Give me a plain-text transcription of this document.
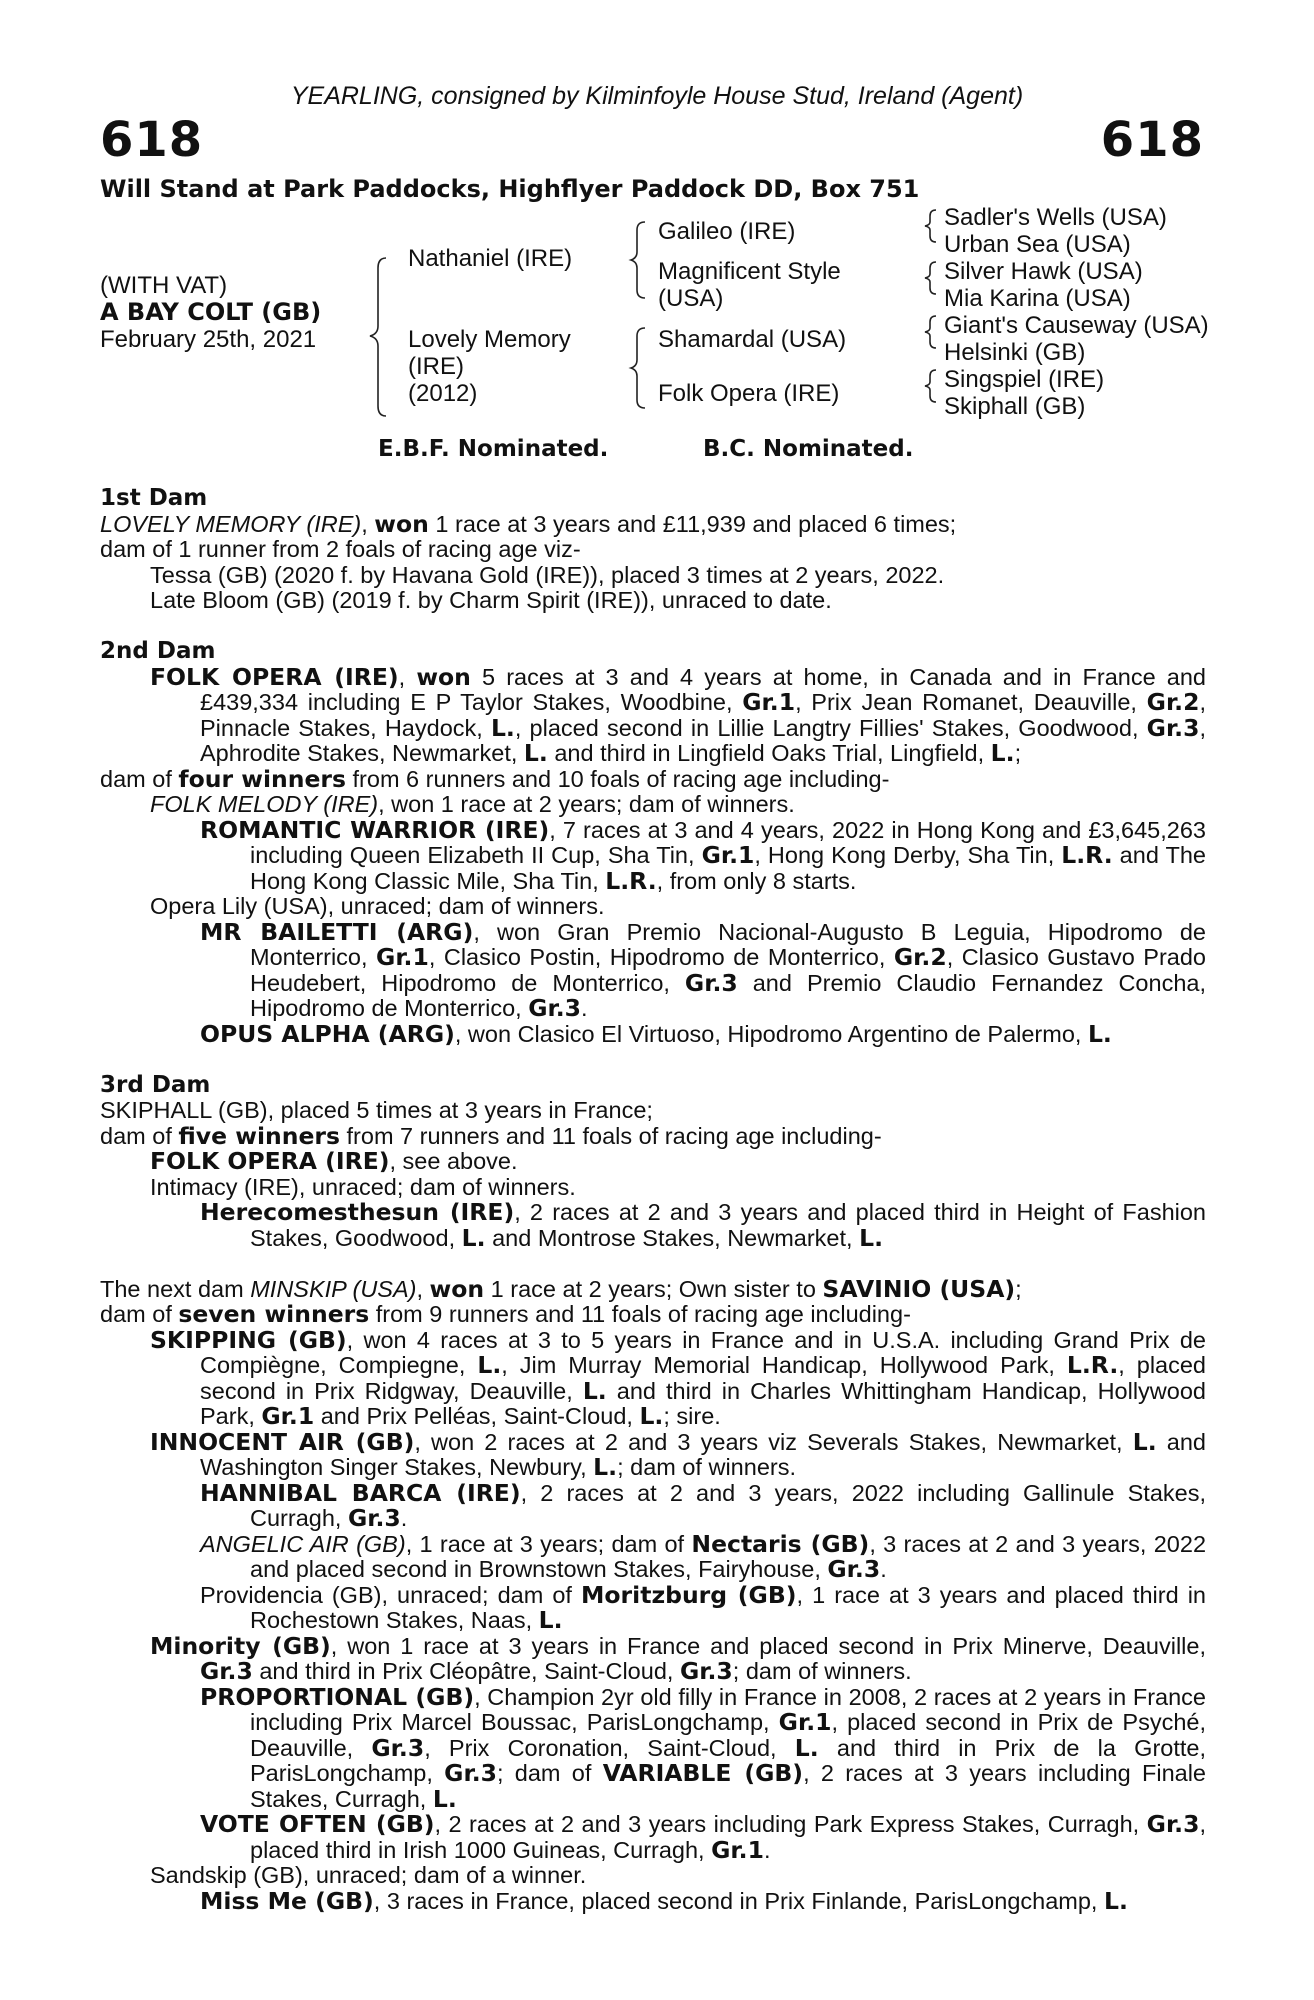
YEARLING, consigned by Kilminfoyle House Stud, Ireland (Agent)
618	618
Will Stand at Park Paddocks, Highflyer Paddock DD, Box 751
(WITH VAT)
A BAY COLT (GB)
February 25th, 2021
Nathaniel (IRE)
Lovely Memory
(IRE)
(2012)
Galileo (IRE)
Magnificent Style
(USA)
Shamardal (USA)
Folk Opera (IRE)
Sadler's Wells (USA)
Urban Sea (USA)
Silver Hawk (USA)
Mia Karina (USA)
Giant's Causeway (USA)
Helsinki (GB)
Singspiel (IRE)
Skiphall (GB)
E.B.F. Nominated.	B.C. Nominated.

1st Dam

LOVELY MEMORY (IRE), won 1 race at 3 years and £11,939 and placed 6 times;

dam of 1 runner from 2 foals of racing age viz-

Tessa (GB) (2020 f. by Havana Gold (IRE)), placed 3 times at 2 years, 2022.

Late Bloom (GB) (2019 f. by Charm Spirit (IRE)), unraced to date.

2nd Dam

FOLK OPERA (IRE), won 5 races at 3 and 4 years at home, in Canada and in France and £439,334 including E P Taylor Stakes, Woodbine, Gr.1, Prix Jean Romanet, Deauville, Gr.2, Pinnacle Stakes, Haydock, L., placed second in Lillie Langtry Fillies' Stakes, Goodwood, Gr.3, Aphrodite Stakes, Newmarket, L. and third in Lingfield Oaks Trial, Lingfield, L.;

dam of four winners from 6 runners and 10 foals of racing age including-

FOLK MELODY (IRE), won 1 race at 2 years; dam of winners.

ROMANTIC WARRIOR (IRE), 7 races at 3 and 4 years, 2022 in Hong Kong and £3,645,263 including Queen Elizabeth II Cup, Sha Tin, Gr.1, Hong Kong Derby, Sha Tin, L.R. and The Hong Kong Classic Mile, Sha Tin, L.R., from only 8 starts.

Opera Lily (USA), unraced; dam of winners.

MR BAILETTI (ARG), won Gran Premio Nacional-Augusto B Leguia, Hipodromo de Monterrico, Gr.1, Clasico Postin, Hipodromo de Monterrico, Gr.2, Clasico Gustavo Prado Heudebert, Hipodromo de Monterrico, Gr.3 and Premio Claudio Fernandez Concha, Hipodromo de Monterrico, Gr.3.

OPUS ALPHA (ARG), won Clasico El Virtuoso, Hipodromo Argentino de Palermo, L.

3rd Dam

SKIPHALL (GB), placed 5 times at 3 years in France;

dam of five winners from 7 runners and 11 foals of racing age including-

FOLK OPERA (IRE), see above.

Intimacy (IRE), unraced; dam of winners.

Herecomesthesun (IRE), 2 races at 2 and 3 years and placed third in Height of Fashion Stakes, Goodwood, L. and Montrose Stakes, Newmarket, L.

The next dam MINSKIP (USA), won 1 race at 2 years; Own sister to SAVINIO (USA);

dam of seven winners from 9 runners and 11 foals of racing age including-

SKIPPING (GB), won 4 races at 3 to 5 years in France and in U.S.A. including Grand Prix de Compiègne, Compiegne, L., Jim Murray Memorial Handicap, Hollywood Park, L.R., placed second in Prix Ridgway, Deauville, L. and third in Charles Whittingham Handicap, Hollywood Park, Gr.1 and Prix Pelléas, Saint-Cloud, L.; sire.

INNOCENT AIR (GB), won 2 races at 2 and 3 years viz Severals Stakes, Newmarket, L. and Washington Singer Stakes, Newbury, L.; dam of winners.

HANNIBAL BARCA (IRE), 2 races at 2 and 3 years, 2022 including Gallinule Stakes, Curragh, Gr.3.

ANGELIC AIR (GB), 1 race at 3 years; dam of Nectaris (GB), 3 races at 2 and 3 years, 2022 and placed second in Brownstown Stakes, Fairyhouse, Gr.3.

Providencia (GB), unraced; dam of Moritzburg (GB), 1 race at 3 years and placed third in Rochestown Stakes, Naas, L.

Minority (GB), won 1 race at 3 years in France and placed second in Prix Minerve, Deauville, Gr.3 and third in Prix Cléopâtre, Saint-Cloud, Gr.3; dam of winners.

PROPORTIONAL (GB), Champion 2yr old filly in France in 2008, 2 races at 2 years in France including Prix Marcel Boussac, ParisLongchamp, Gr.1, placed second in Prix de Psyché, Deauville, Gr.3, Prix Coronation, Saint-Cloud, L. and third in Prix de la Grotte, ParisLongchamp, Gr.3; dam of VARIABLE (GB), 2 races at 3 years including Finale Stakes, Curragh, L.

VOTE OFTEN (GB), 2 races at 2 and 3 years including Park Express Stakes, Curragh, Gr.3, placed third in Irish 1000 Guineas, Curragh, Gr.1.

Sandskip (GB), unraced; dam of a winner.

Miss Me (GB), 3 races in France, placed second in Prix Finlande, ParisLongchamp, L.
